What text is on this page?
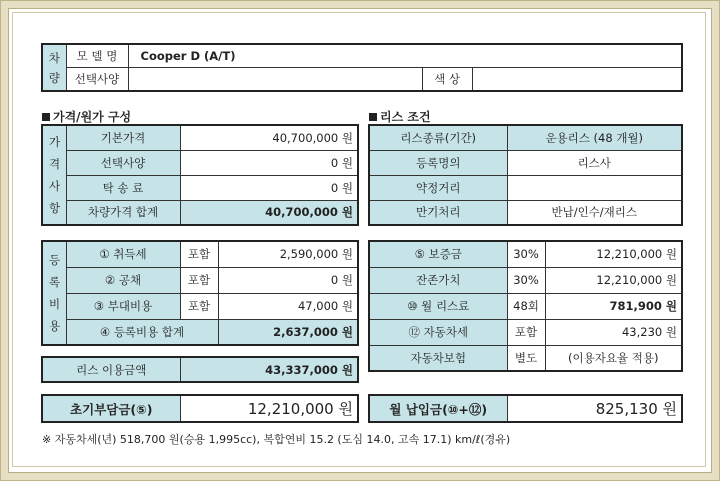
차량	모 델 명	Cooper D (A/T)		
	선택사양		색 상	
가격/원가 구성	리스 조건
가격사항	기본가격	40,700,000 원
	선택사양	0 원
	탁 송 료	0 원
	차량가격 합계	40,700,000 원
리스종류(기간)	운용리스 (48 개월)
등록명의	리스사
약정거리	
만기처리	반납/인수/재리스
등록비용	① 취득세	포함	2,590,000 원
	② 공채	포함	0 원
	③ 부대비용	포함	47,000 원
	④ 등록비용 합계		2,637,000 원
⑤ 보증금	30%	12,210,000 원
잔존가치	30%	12,210,000 원
⑩ 월 리스료	48회	781,900 원
⑫ 자동차세	포함	43,230 원
자동차보험	별도	(이용자요율 적용)
리스 이용금액	43,337,000 원
초기부담금(⑤)	12,210,000 원	월 납입금(⑩+⑫)	825,130 원
※ 자동차세(년) 518,700 원(승용 1,995cc), 복합연비 15.2 (도심 14.0, 고속 17.1) km/ℓ(경유)
